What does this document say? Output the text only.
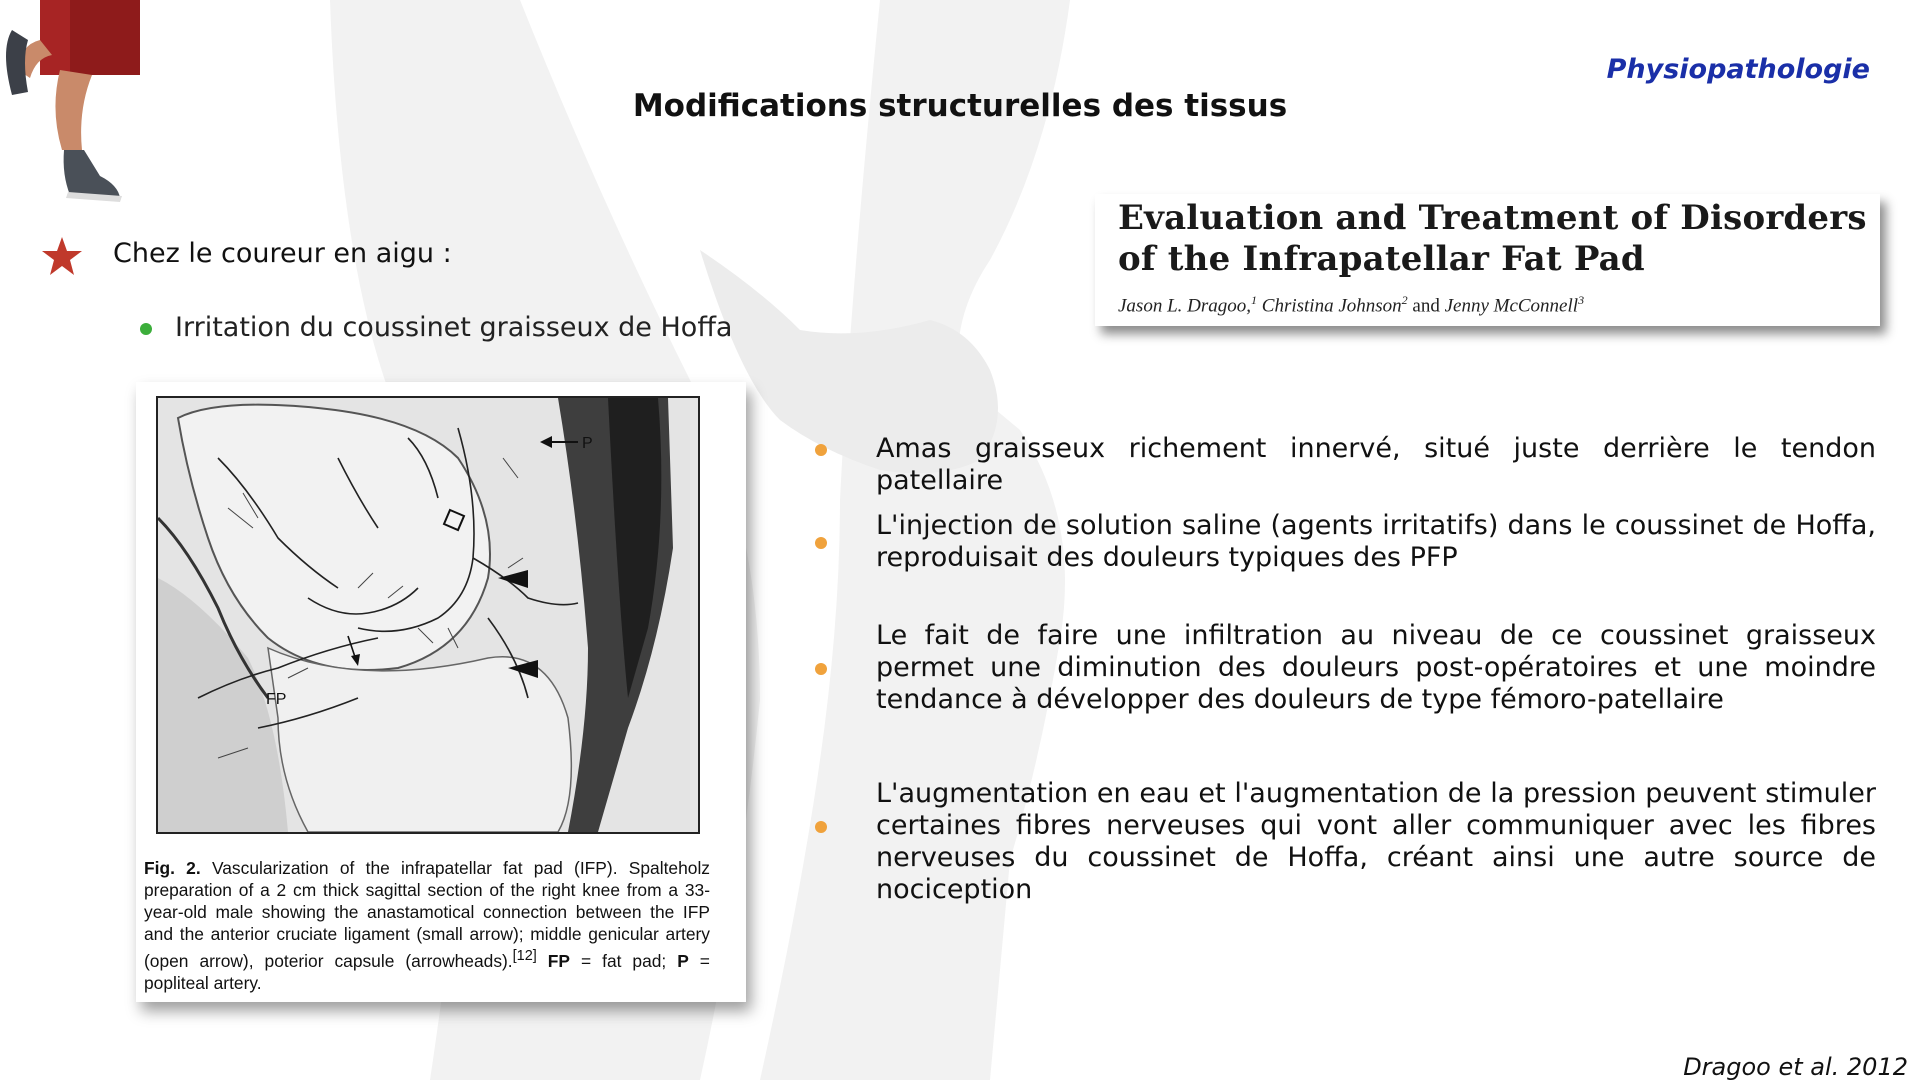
Physiopathologie
Modifications structurelles des tissus
Chez le coureur en aigu :
Irritation du coussinet graisseux de Hoffa
P
FP
Fig. 2. Vascularization of the infrapatellar fat pad (IFP). Spalteholz preparation of a 2 cm thick sagittal section of the right knee from a 33-year-old male showing the anastamotical connection between the IFP and the anterior cruciate ligament (small arrow); middle genicular artery (open arrow), poterior capsule (arrowheads).[12] FP = fat pad; P = popliteal artery.
Evaluation and Treatment of Disorders
of the Infrapatellar Fat Pad
Jason L. Dragoo,$^1$ Christina Johnson$^2$ and Jenny McConnell$^3$
Amas graisseux richement innervé, situé juste derrière le tendon patellaire
L'injection de solution saline (agents irritatifs) dans le coussinet de Hoffa, reproduisait des douleurs typiques des PFP
Le fait de faire une infiltration au niveau de ce coussinet graisseux permet une diminution des douleurs post-opératoires et une moindre tendance à développer des douleurs de type fémoro-patellaire
L'augmentation en eau et l'augmentation de la pression peuvent stimuler certaines fibres nerveuses qui vont aller communiquer avec les fibres nerveuses du coussinet de Hoffa, créant ainsi une autre source de nociception
Dragoo et al. 2012
